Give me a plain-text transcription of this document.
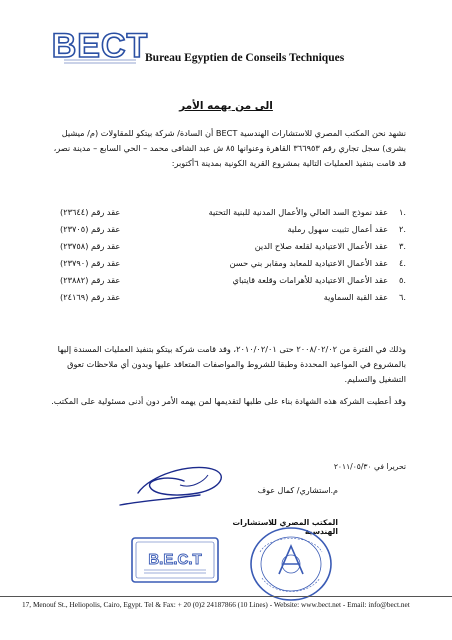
BECT
Bureau Egyptien de Conseils Techniques
الى من يهمه الأمر
نشهد نحن المكتب المصري للاستشارات الهندسية BECT أن السادة/ شركة بيتكو للمقاولات (م/ ميشيل بشرى) سجل تجاري رقم ٣٦٦٩٥٣ القاهرة وعنوانها ٨٥ ش عبد الشافى محمد – الحي السابع – مدينة نصر، قد قامت بتنفيذ العمليات التالية بمشروع القرية الكونية بمدينة ٦أكتوبر:
.١
عقد نموذج السد العالي والأعمال المدنية للبنية التحتية
عقد رقم (٢٣٦٤٤)
.٢
عقد أعمال تثبيت سهول رملية
عقد رقم (٢٣٧٠٥)
.٣
عقد الأعمال الاعتيادية لقلعة صلاح الدين
عقد رقم (٢٣٧٥٨)
.٤
عقد الأعمال الاعتيادية للمعابد ومقابر بني حسن
عقد رقم (٢٣٧٩٠)
.٥
عقد الأعمال الاعتيادية للأهرامات وقلعة قايتباي
عقد رقم (٢٣٨٨٢)
.٦
عقد القبة السماوية
عقد رقم (٢٤١٦٩)
وذلك في الفترة من ٢٠٠٨/٠٢/٠٢ حتى ٢٠١٠/٠٢/٠١، وقد قامت شركة بيتكو بتنفيذ العمليات المسندة إليها بالمشروع في المواعيد المحددة وطبقا للشروط والمواصفات المتعاقد عليها وبدون أي ملاحظات تعوق التشغيل والتسليم.
وقد أعطيت الشركة هذه الشهادة بناء على طلبها لتقديمها لمن يهمه الأمر دون أدنى مسئولية على المكتب.
تحريرا في ٢٠١١/٠٥/٣٠
م.استشاري/ كمال عوف
المكتب المصري للاستشارات الهندسية
B.E.C.T
17, Menouf St., Heliopolis, Cairo, Egypt. Tel & Fax: + 20 (0)2 24187866 (10 Lines) - Website: www.bect.net - Email: info@bect.net
